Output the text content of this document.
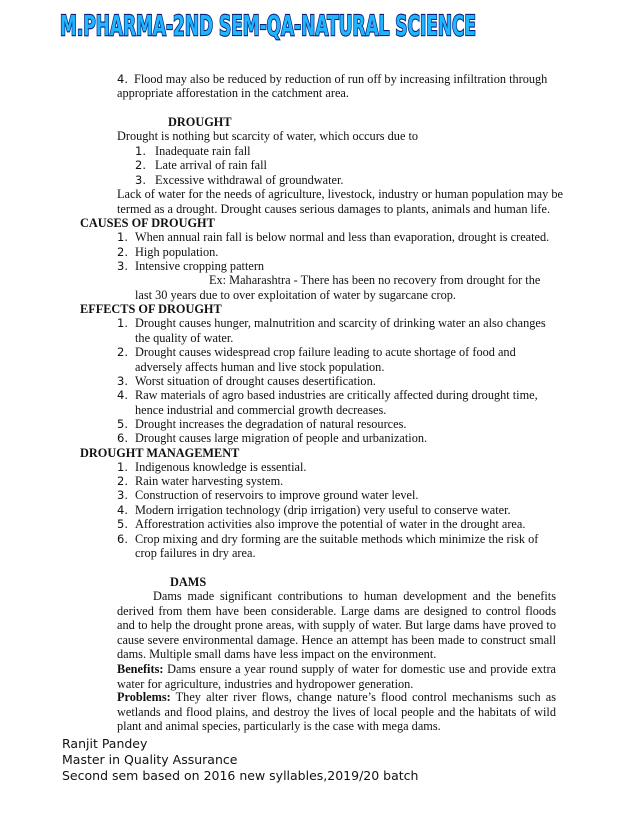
M.PHARMA-2ND SEM-QA-NATURAL SCIENCE
4. Flood may also be reduced by reduction of run off by increasing infiltration through
appropriate afforestation in the catchment area.
DROUGHT
Drought is nothing but scarcity of water, which occurs due to
1. Inadequate rain fall
2. Late arrival of rain fall
3. Excessive withdrawal of groundwater.
Lack of water for the needs of agriculture, livestock, industry or human population may be
termed as a drought. Drought causes serious damages to plants, animals and human life.
CAUSES OF DROUGHT
1. When annual rain fall is below normal and less than evaporation, drought is created.
2. High population.
3. Intensive cropping pattern
Ex: Maharashtra - There has been no recovery from drought for the
last 30 years due to over exploitation of water by sugarcane crop.
EFFECTS OF DROUGHT
1. Drought causes hunger, malnutrition and scarcity of drinking water an also changes
the quality of water.
2. Drought causes widespread crop failure leading to acute shortage of food and
adversely affects human and live stock population.
3. Worst situation of drought causes desertification.
4. Raw materials of agro based industries are critically affected during drought time,
hence industrial and commercial growth decreases.
5. Drought increases the degradation of natural resources.
6. Drought causes large migration of people and urbanization.
DROUGHT MANAGEMENT
1. Indigenous knowledge is essential.
2. Rain water harvesting system.
3. Construction of reservoirs to improve ground water level.
4. Modern irrigation technology (drip irrigation) very useful to conserve water.
5. Afforestration activities also improve the potential of water in the drought area.
6. Crop mixing and dry forming are the suitable methods which minimize the risk of
crop failures in dry area.
DAMS
Dams made significant contributions to human development and the benefits derived from them have been considerable. Large dams are designed to control floods and to help the drought prone areas, with supply of water. But large dams have proved to cause severe environmental damage. Hence an attempt has been made to construct small dams. Multiple small dams have less impact on the environment.
Benefits: Dams ensure a year round supply of water for domestic use and provide extra water for agriculture, industries and hydropower generation.
Problems: They alter river flows, change nature’s flood control mechanisms such as wetlands and flood plains, and destroy the lives of local people and the habitats of wild plant and animal species, particularly is the case with mega dams.
Ranjit Pandey
Master in Quality Assurance
Second sem based on 2016 new syllables,2019/20 batch
